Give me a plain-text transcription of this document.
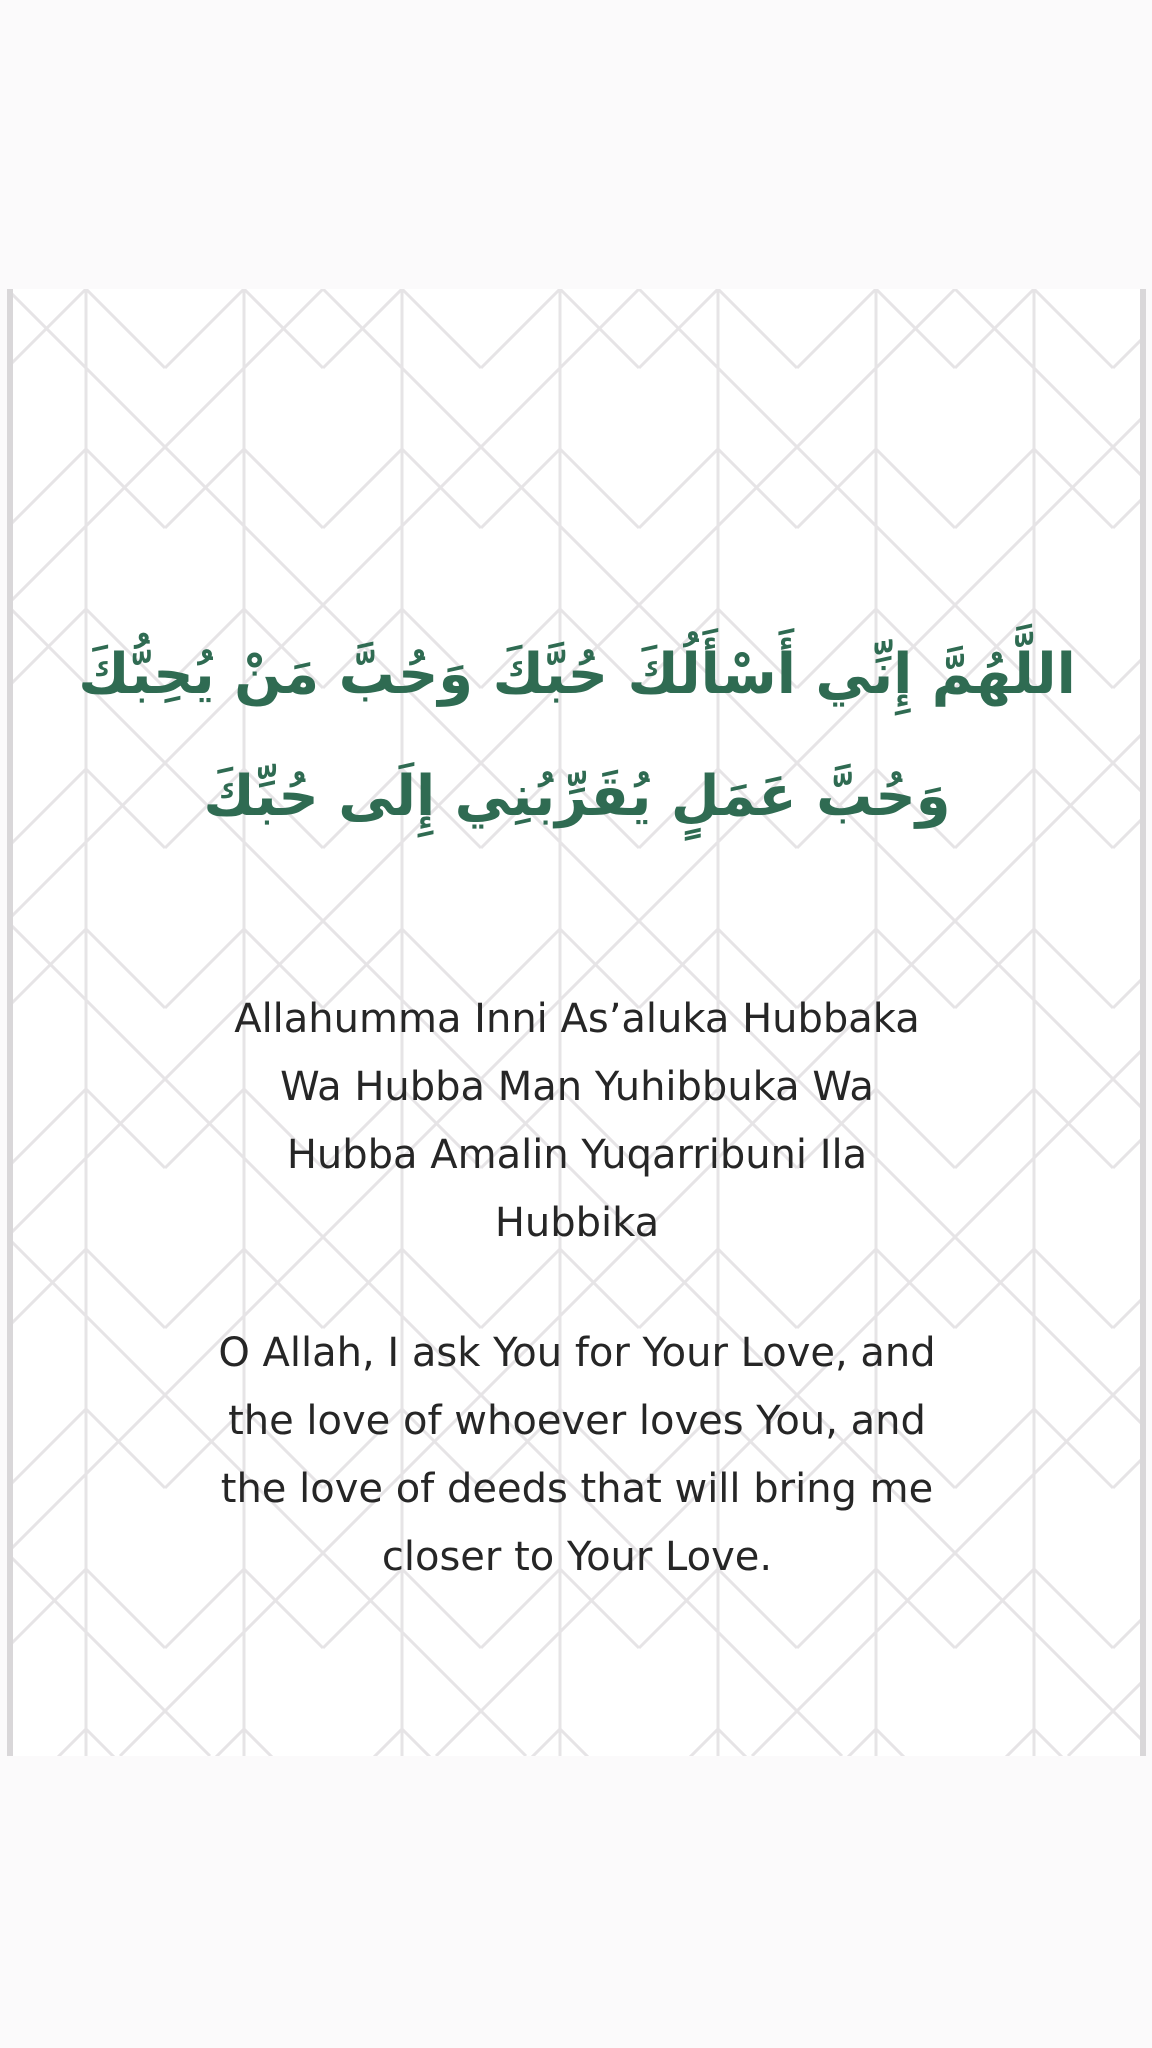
اللَّهُمَّ إِنِّي أَسْأَلُكَ حُبَّكَ وَحُبَّ مَنْ يُحِبُّكَ
وَحُبَّ عَمَلٍ يُقَرِّبُنِي إِلَى حُبِّكَ
Allahumma Inni As’aluka Hubbaka
Wa Hubba Man Yuhibbuka Wa
Hubba Amalin Yuqarribuni Ila
Hubbika
O Allah, I ask You for Your Love, and
the love of whoever loves You, and
the love of deeds that will bring me
closer to Your Love.
